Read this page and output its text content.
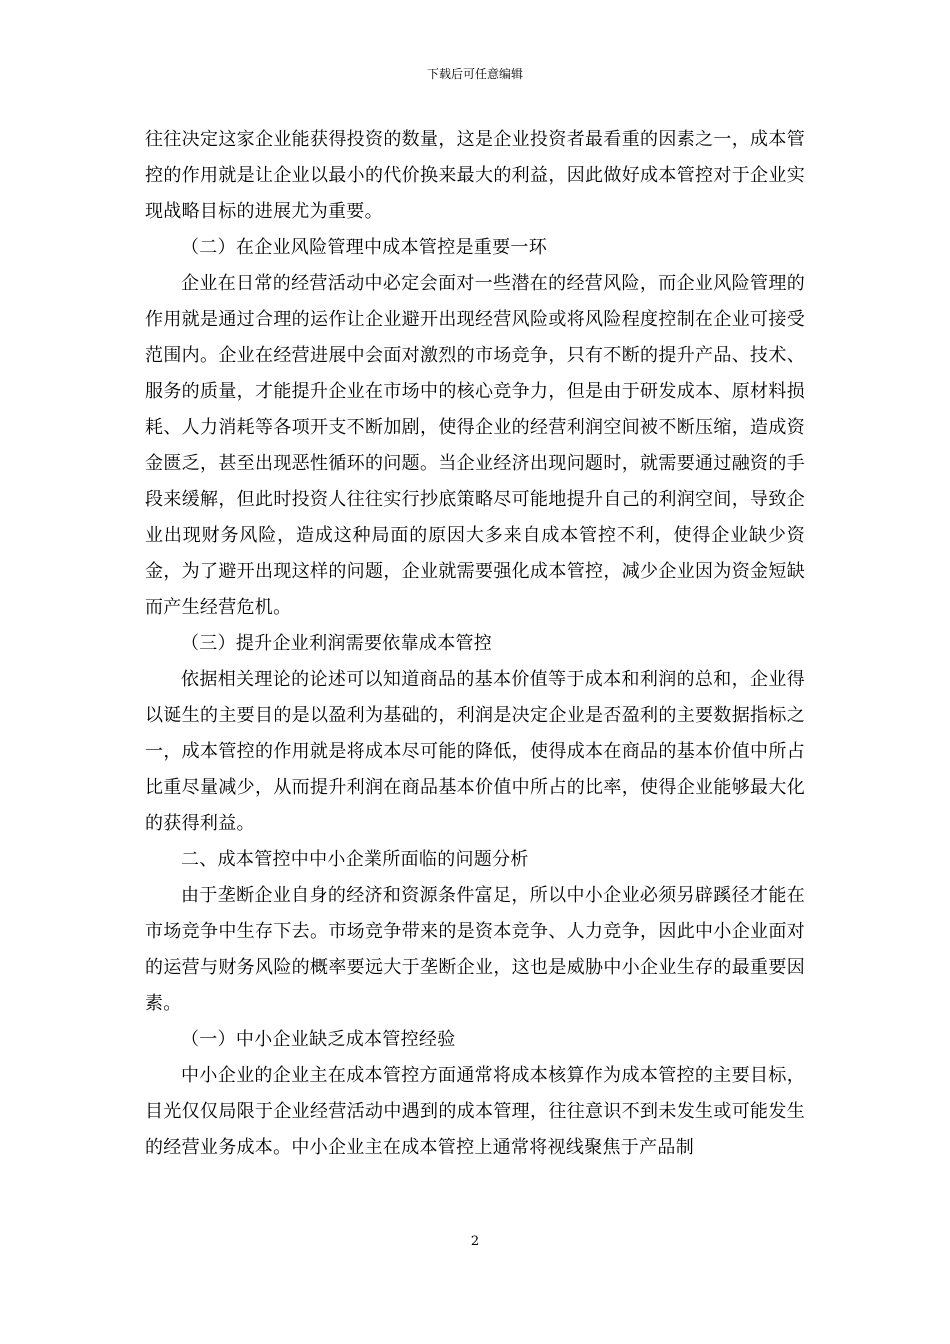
下载后可任意编辑

往往决定这家企业能获得投资的数量，这是企业投资者最看重的因素之一，成本管控的作用就是让企业以最小的代价换来最大的利益，因此做好成本管控对于企业实现战略目标的进展尤为重要。

（二）在企业风险管理中成本管控是重要一环

企业在日常的经营活动中必定会面对一些潜在的经营风险，而企业风险管理的作用就是通过合理的运作让企业避开出现经营风险或将风险程度控制在企业可接受范围内。企业在经营进展中会面对激烈的市场竞争，只有不断的提升产品、技术、服务的质量，才能提升企业在市场中的核心竞争力，但是由于研发成本、原材料损耗、人力消耗等各项开支不断加剧，使得企业的经营利润空间被不断压缩，造成资金匮乏，甚至出现恶性循环的问题。当企业经济出现问题时，就需要通过融资的手段来缓解，但此时投资人往往实行抄底策略尽可能地提升自己的利润空间，导致企业出现财务风险，造成这种局面的原因大多来自成本管控不利，使得企业缺少资金，为了避开出现这样的问题，企业就需要强化成本管控，减少企业因为资金短缺而产生经营危机。

（三）提升企业利润需要依靠成本管控

依据相关理论的论述可以知道商品的基本价值等于成本和利润的总和，企业得以诞生的主要目的是以盈利为基础的，利润是决定企业是否盈利的主要数据指标之一，成本管控的作用就是将成本尽可能的降低，使得成本在商品的基本价值中所占比重尽量减少，从而提升利润在商品基本价值中所占的比率，使得企业能够最大化的获得利益。

二、成本管控中中小企業所面临的问题分析

由于垄断企业自身的经济和资源条件富足，所以中小企业必须另辟蹊径才能在市场竞争中生存下去。市场竞争带来的是资本竞争、人力竞争，因此中小企业面对的运营与财务风险的概率要远大于垄断企业，这也是威胁中小企业生存的最重要因素。

（一）中小企业缺乏成本管控经验

中小企业的企业主在成本管控方面通常将成本核算作为成本管控的主要目标，目光仅仅局限于企业经营活动中遇到的成本管理，往往意识不到未发生或可能发生的经营业务成本。中小企业主在成本管控上通常将视线聚焦于产品制

2
